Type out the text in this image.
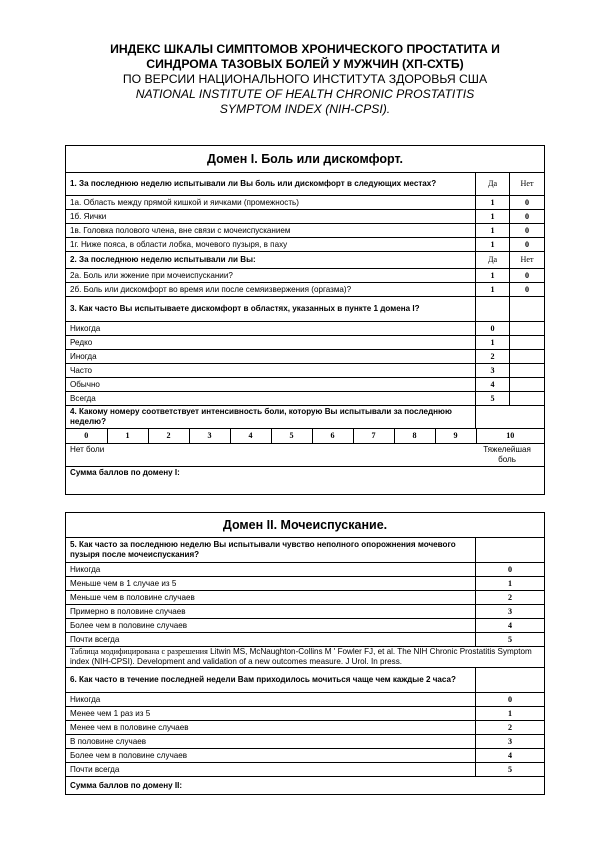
ИНДЕКС ШКАЛЫ СИМПТОМОВ ХРОНИЧЕСКОГО ПРОСТАТИТА И
СИНДРОМА ТАЗОВЫХ БОЛЕЙ У МУЖЧИН (ХП-СХТБ)
ПО ВЕРСИИ НАЦИОНАЛЬНОГО ИНСТИТУТА ЗДОРОВЬЯ США
NATIONAL INSTITUTE OF HEALTH CHRONIC PROSTATITIS
SYMPTOM INDEX (NIH-CPSI).
Домен I. Боль или дискомфорт.
1. За последнюю неделю испытывали ли Вы боль или дискомфорт в следующих местах?	Да	Нет
1а. Область между прямой кишкой и яичками (промежность)	1	0
1б. Яички	1	0
1в. Головка полового члена, вне связи с мочеиспусканием	1	0
1г. Ниже пояса, в области лобка, мочевого пузыря, в паху	1	0
2. За последнюю неделю испытывали ли Вы:	Да	Нет
2а. Боль или жжение при мочеиспускании?	1	0
2б. Боль или дискомфорт во время или после семяизвержения (оргазма)?	1	0
3. Как часто Вы испытываете дискомфорт в областях, указанных в пункте 1 домена I?		
Никогда	0	
Редко	1	
Иногда	2	
Часто	3	
Обычно	4	
Всегда	5	
4. Какому номеру соответствует интенсивность боли, которую Вы испытывали за последнюю неделю?	

0	1	2	3	4	5	6	7	8	9	10

Нет боли	Тяжелейшая боль

Сумма баллов по домену I:
Домен II. Мочеиспускание.	
5. Как часто за последнюю неделю Вы испытывали чувство неполного опорожнения мочевого пузыря после мочеиспускания?	
Никогда	0
Меньше чем в 1 случае из 5	1
Меньше чем в половине случаев	2
Примерно в половине случаев	3
Более чем в половине случаев	4
Почти всегда	5
Таблица модифицирована с разрешения Litwin MS, McNaughton-Collins M ' Fowler FJ, et al. The NIH Chronic Prostatitis Symptom index (NIH-CPSI). Development and validation of a new outcomes measure. J Urol. In press.	
6. Как часто в течение последней недели Вам приходилось мочиться чаще чем каждые 2 часа?	
Никогда	0
Менее чем 1 раз из 5	1
Менее чем в половине случаев	2
В половине случаев	3
Более чем в половине случаев	4
Почти всегда	5
Сумма баллов по домену II:	
